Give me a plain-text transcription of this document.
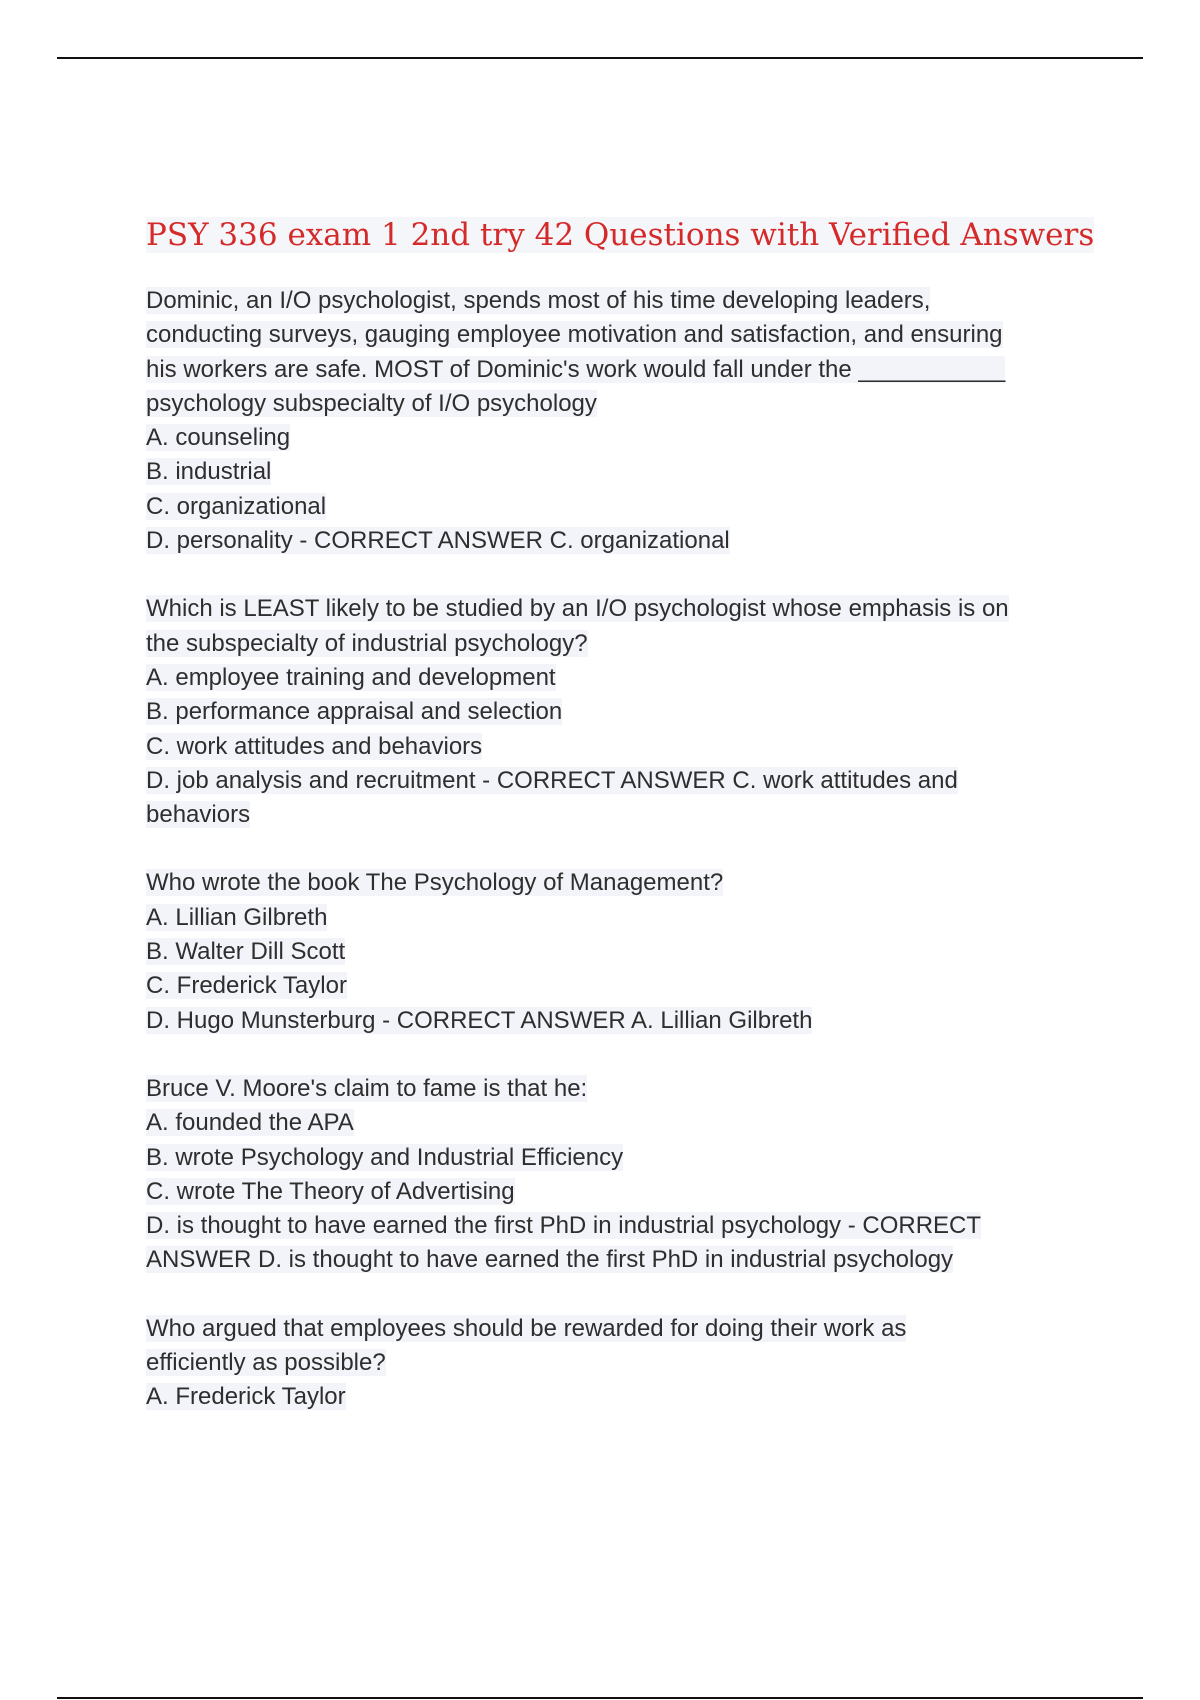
PSY 336 exam 1 2nd try 42 Questions with Verified Answers
Dominic, an I/O psychologist, spends most of his time developing leaders,
conducting surveys, gauging employee motivation and satisfaction, and ensuring
his workers are safe. MOST of Dominic's work would fall under the ___________
psychology subspecialty of I/O psychology
A. counseling
B. industrial
C. organizational
D. personality - CORRECT ANSWER C. organizational
Which is LEAST likely to be studied by an I/O psychologist whose emphasis is on
the subspecialty of industrial psychology?
A. employee training and development
B. performance appraisal and selection
C. work attitudes and behaviors
D. job analysis and recruitment - CORRECT ANSWER C. work attitudes and
behaviors
Who wrote the book The Psychology of Management?
A. Lillian Gilbreth
B. Walter Dill Scott
C. Frederick Taylor
D. Hugo Munsterburg - CORRECT ANSWER A. Lillian Gilbreth
Bruce V. Moore's claim to fame is that he:
A. founded the APA
B. wrote Psychology and Industrial Efficiency
C. wrote The Theory of Advertising
D. is thought to have earned the first PhD in industrial psychology - CORRECT
ANSWER D. is thought to have earned the first PhD in industrial psychology
Who argued that employees should be rewarded for doing their work as
efficiently as possible?
A. Frederick Taylor
